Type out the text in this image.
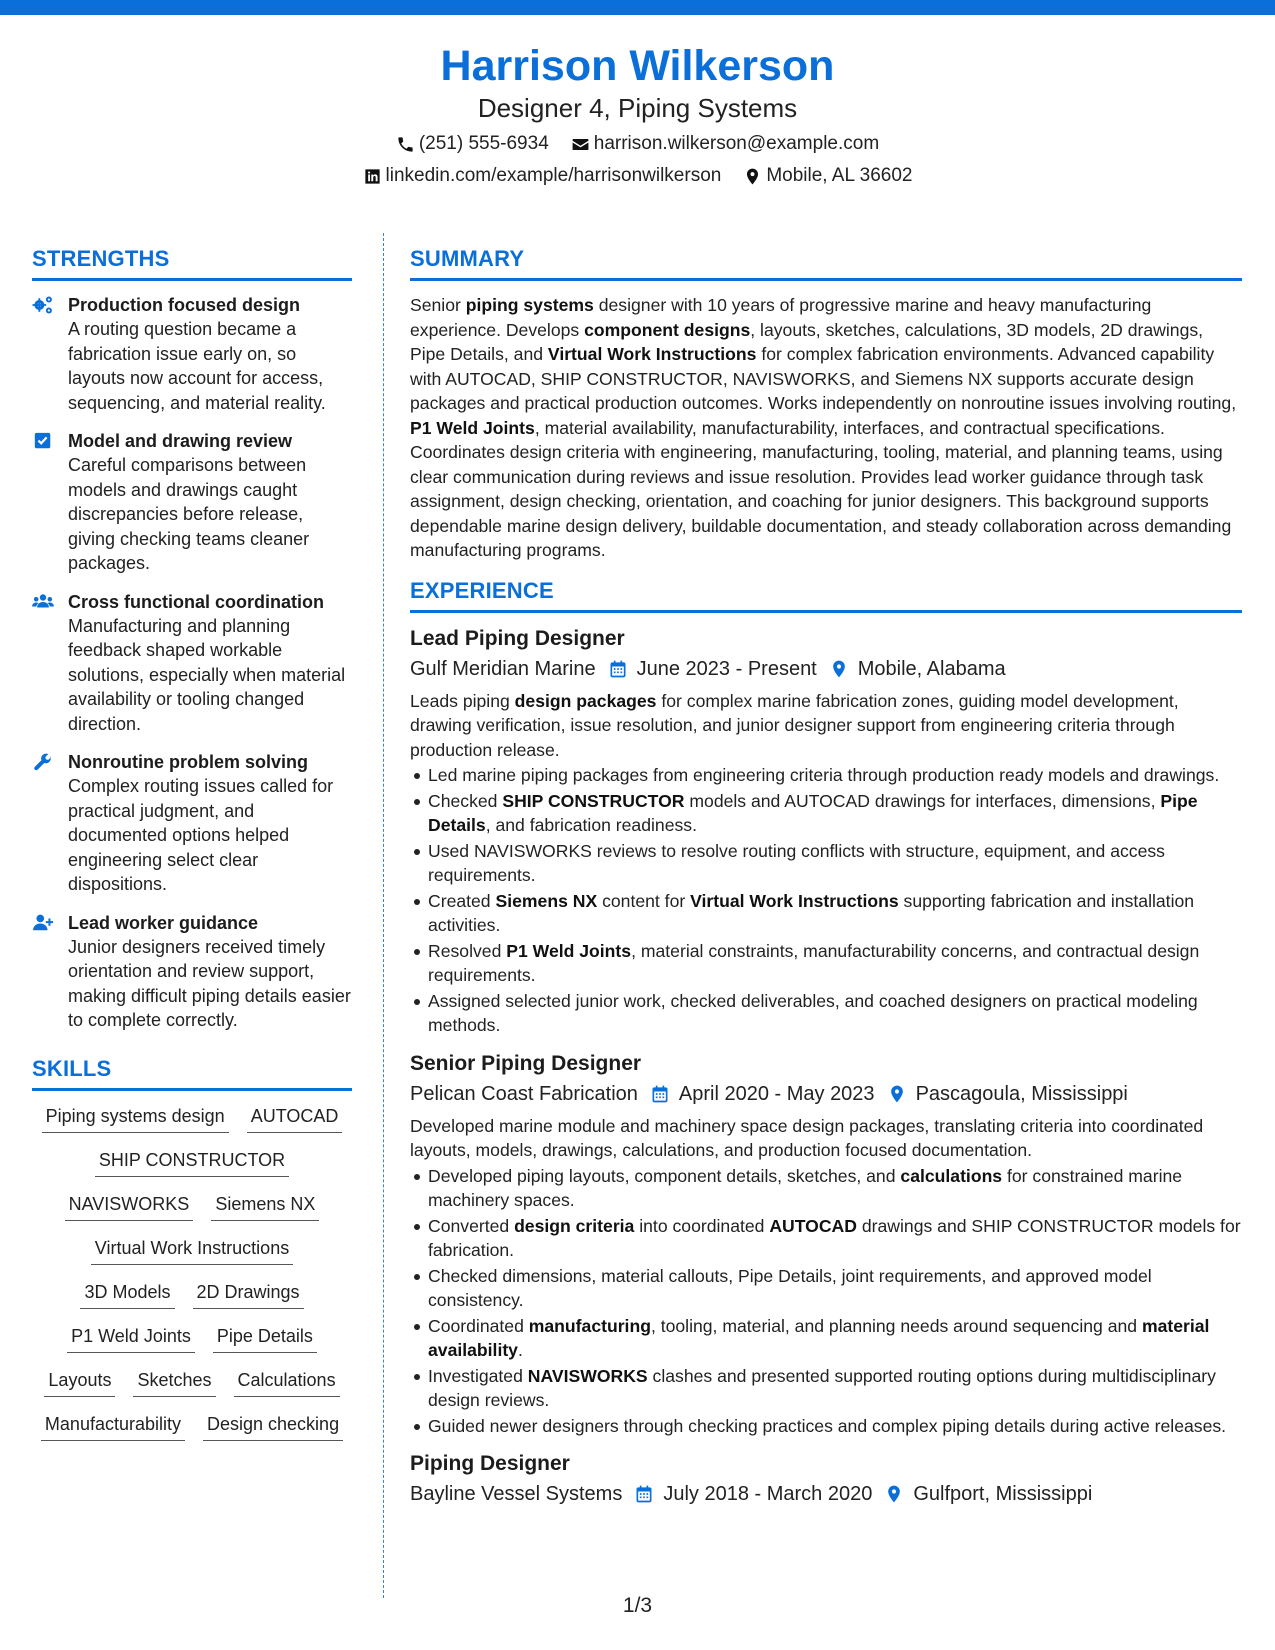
Harrison Wilkerson
Designer 4, Piping Systems
(251) 555-6934 harrison.wilkerson@example.com
linkedin.com/example/harrisonwilkerson Mobile, AL 36602
STRENGTHS
Production focused design
A routing question became a fabrication issue early on, so layouts now account for access, sequencing, and material reality.
Model and drawing review
Careful comparisons between models and drawings caught discrepancies before release, giving checking teams cleaner packages.
Cross functional coordination
Manufacturing and planning feedback shaped workable solutions, especially when material availability or tooling changed direction.
Nonroutine problem solving
Complex routing issues called for practical judgment, and documented options helped engineering select clear dispositions.
Lead worker guidance
Junior designers received timely orientation and review support, making difficult piping details easier to complete correctly.
SKILLS
Piping systems design AUTOCAD
SHIP CONSTRUCTOR
NAVISWORKS Siemens NX
Virtual Work Instructions
3D Models 2D Drawings
P1 Weld Joints Pipe Details
Layouts Sketches Calculations
Manufacturability Design checking
SUMMARY

Senior piping systems designer with 10 years of progressive marine and heavy manufacturing experience. Develops component designs, layouts, sketches, calculations, 3D models, 2D drawings, Pipe Details, and Virtual Work Instructions for complex fabrication environments. Advanced capability with AUTOCAD, SHIP CONSTRUCTOR, NAVISWORKS, and Siemens NX supports accurate design packages and practical production outcomes. Works independently on nonroutine issues involving routing, P1 Weld Joints, material availability, manufacturability, interfaces, and contractual specifications. Coordinates design criteria with engineering, manufacturing, tooling, material, and planning teams, using clear communication during reviews and issue resolution. Provides lead worker guidance through task assignment, design checking, orientation, and coaching for junior designers. This background supports dependable marine design delivery, buildable documentation, and steady collaboration across demanding manufacturing programs.

EXPERIENCE
Lead Piping Designer
Gulf Meridian Marine June 2023 - Present Mobile, Alabama

Leads piping design packages for complex marine fabrication zones, guiding model development, drawing verification, issue resolution, and junior designer support from engineering criteria through production release.

Led marine piping packages from engineering criteria through production ready models and drawings.
Checked SHIP CONSTRUCTOR models and AUTOCAD drawings for interfaces, dimensions, Pipe Details, and fabrication readiness.
Used NAVISWORKS reviews to resolve routing conflicts with structure, equipment, and access requirements.
Created Siemens NX content for Virtual Work Instructions supporting fabrication and installation activities.
Resolved P1 Weld Joints, material constraints, manufacturability concerns, and contractual design requirements.
Assigned selected junior work, checked deliverables, and coached designers on practical modeling methods.
Senior Piping Designer
Pelican Coast Fabrication April 2020 - May 2023 Pascagoula, Mississippi

Developed marine module and machinery space design packages, translating criteria into coordinated layouts, models, drawings, calculations, and production focused documentation.

Developed piping layouts, component details, sketches, and calculations for constrained marine machinery spaces.
Converted design criteria into coordinated AUTOCAD drawings and SHIP CONSTRUCTOR models for fabrication.
Checked dimensions, material callouts, Pipe Details, joint requirements, and approved model consistency.
Coordinated manufacturing, tooling, material, and planning needs around sequencing and material availability.
Investigated NAVISWORKS clashes and presented supported routing options during multidisciplinary design reviews.
Guided newer designers through checking practices and complex piping details during active releases.
Piping Designer
Bayline Vessel Systems July 2018 - March 2020 Gulfport, Mississippi
1/3
